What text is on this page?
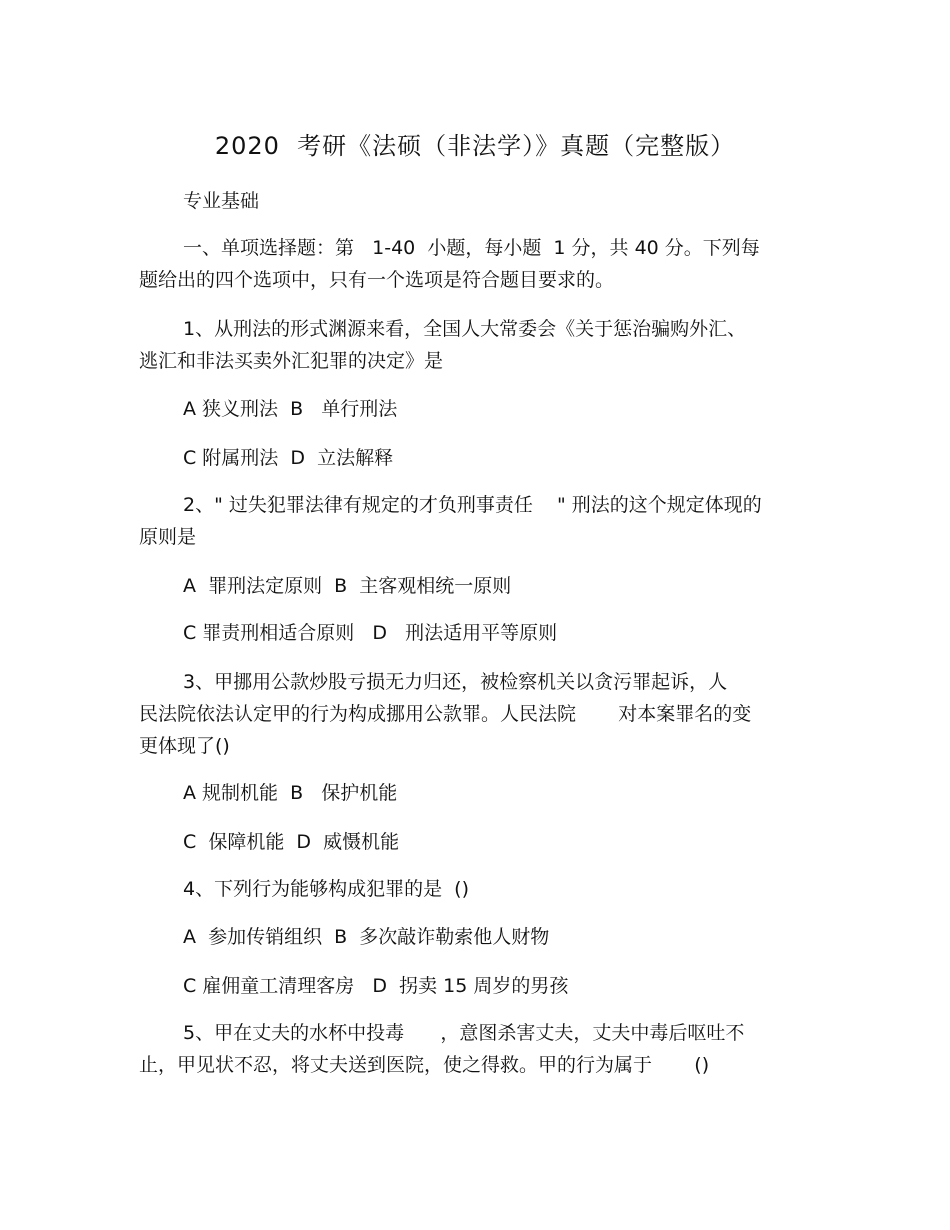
2020  考研《法硕（非法学）》真题（完整版）
专业基础
一、单项选择题：第   1-40  小题，每小题  1 分，共 40 分。下列每
题给出的四个选项中，只有一个选项是符合题目要求的。
1、从刑法的形式渊源来看，全国人大常委会《关于惩治骗购外汇、
逃汇和非法买卖外汇犯罪的决定》是
A 狭义刑法  B   单行刑法
C 附属刑法  D  立法解释
2、" 过失犯罪法律有规定的才负刑事责任    " 刑法的这个规定体现的
原则是
A  罪刑法定原则  B  主客观相统一原则
C 罪责刑相适合原则   D   刑法适用平等原则
3、甲挪用公款炒股亏损无力归还，被检察机关以贪污罪起诉，人
民法院依法认定甲的行为构成挪用公款罪。人民法院       对本案罪名的变
更体现了()
A 规制机能  B   保护机能
C  保障机能  D  威慑机能
4、下列行为能够构成犯罪的是  ()
A  参加传销组织  B  多次敲诈勒索他人财物
C 雇佣童工清理客房   D  拐卖 15 周岁的男孩
5、甲在丈夫的水杯中投毒      ，意图杀害丈夫，丈夫中毒后呕吐不
止，甲见状不忍，将丈夫送到医院，使之得救。甲的行为属于       ()
